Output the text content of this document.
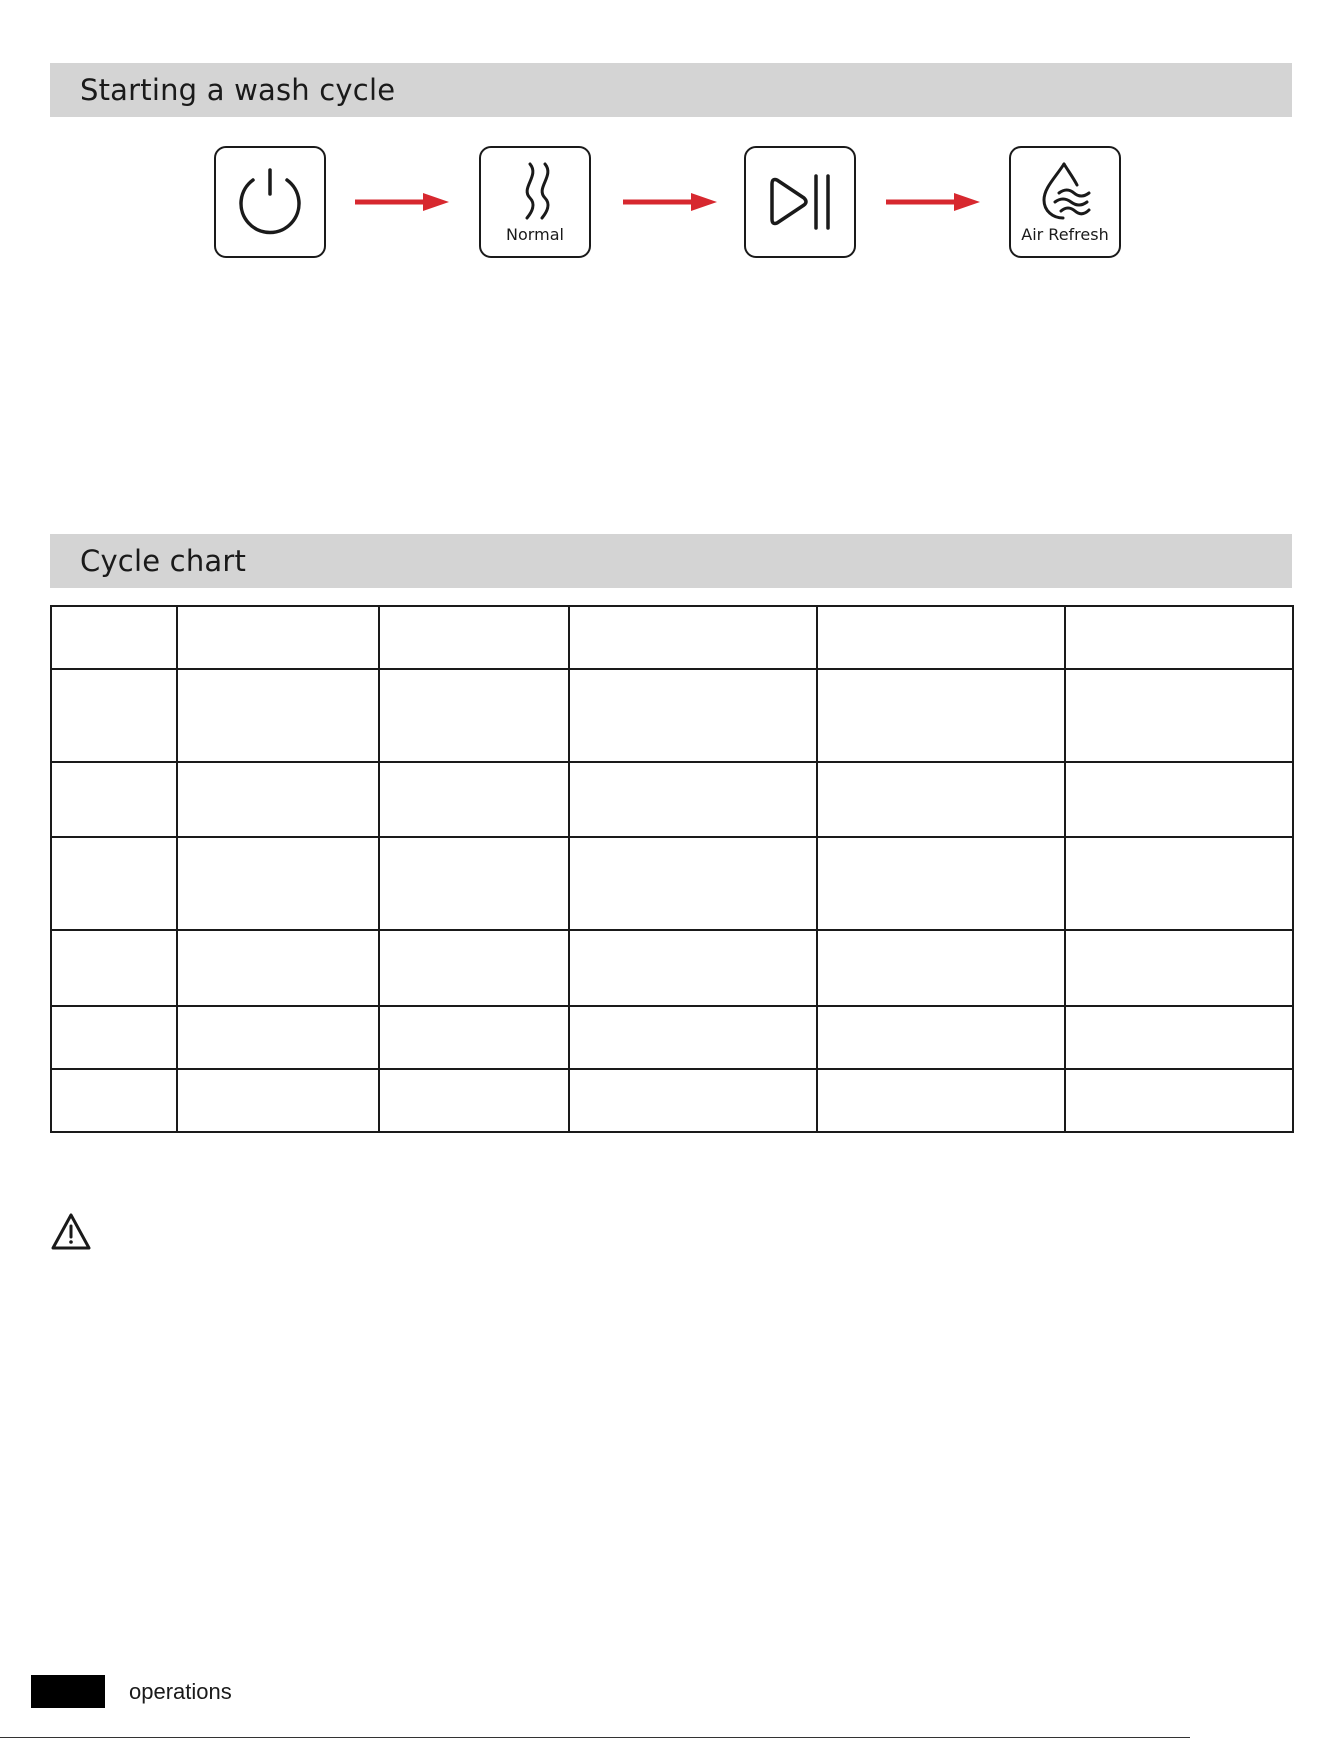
Starting a wash cycle
Normal	Air Refresh
Cycle chart

operations
